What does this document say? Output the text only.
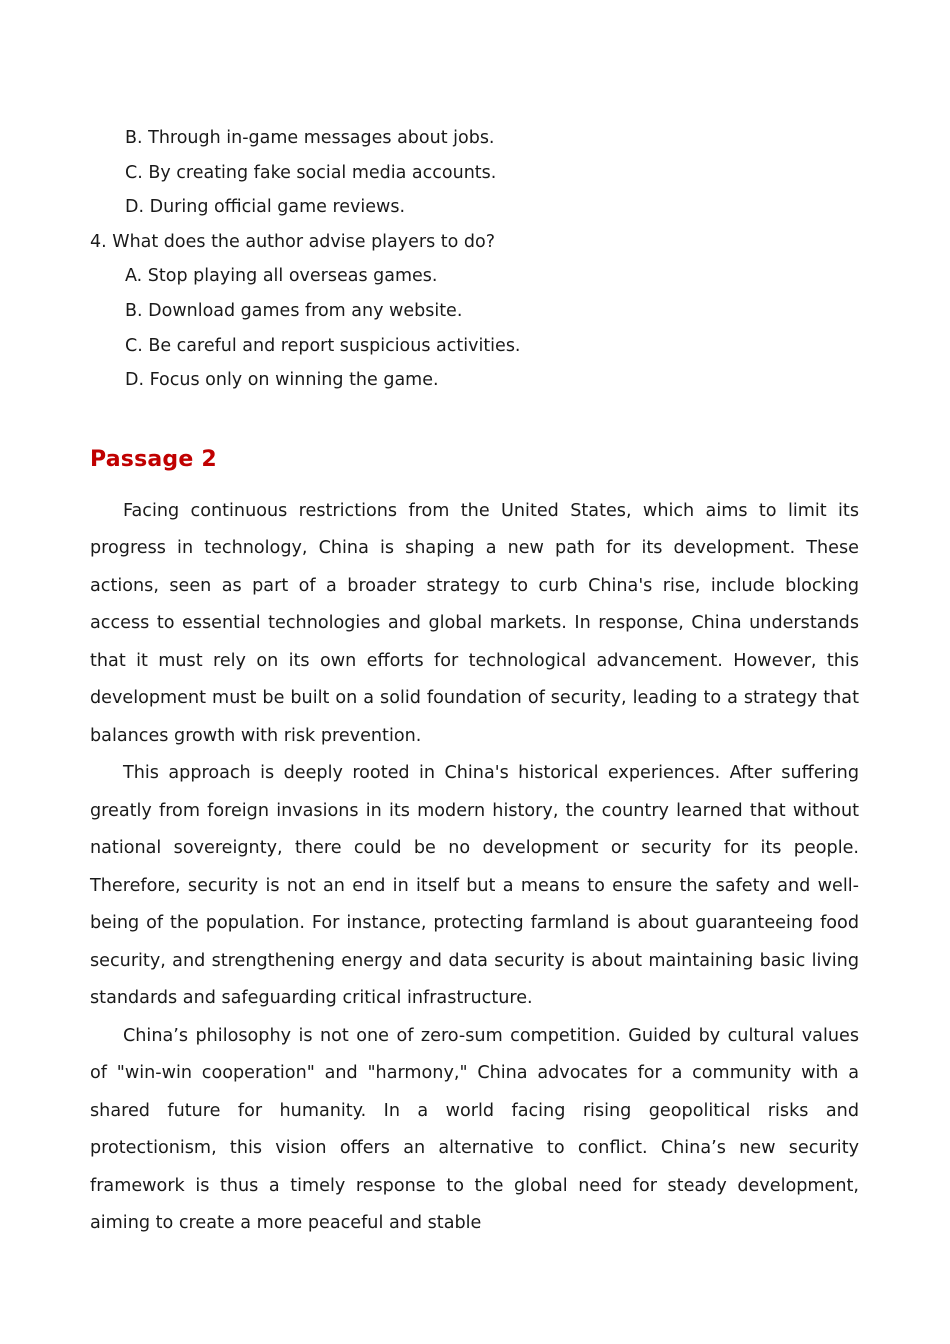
B. Through in-game messages about jobs.
C. By creating fake social media accounts.
D. During official game reviews.
4. What does the author advise players to do?
A. Stop playing all overseas games.
B. Download games from any website.
C. Be careful and report suspicious activities.
D. Focus only on winning the game.
Passage 2

Facing continuous restrictions from the United States, which aims to limit its progress in technology, China is shaping a new path for its development. These actions, seen as part of a broader strategy to curb China's rise, include blocking access to essential technologies and global markets. In response, China understands that it must rely on its own efforts for technological advancement. However, this development must be built on a solid foundation of security, leading to a strategy that balances growth with risk prevention.

This approach is deeply rooted in China's historical experiences. After suffering greatly from foreign invasions in its modern history, the country learned that without national sovereignty, there could be no development or security for its people. Therefore, security is not an end in itself but a means to ensure the safety and well-being of the population. For instance, protecting farmland is about guaranteeing food security, and strengthening energy and data security is about maintaining basic living standards and safeguarding critical infrastructure.

China’s philosophy is not one of zero-sum competition. Guided by cultural values of "win-win cooperation" and "harmony," China advocates for a community with a shared future for humanity. In a world facing rising geopolitical risks and protectionism, this vision offers an alternative to conflict. China’s new security framework is thus a timely response to the global need for steady development, aiming to create a more peaceful and stable
